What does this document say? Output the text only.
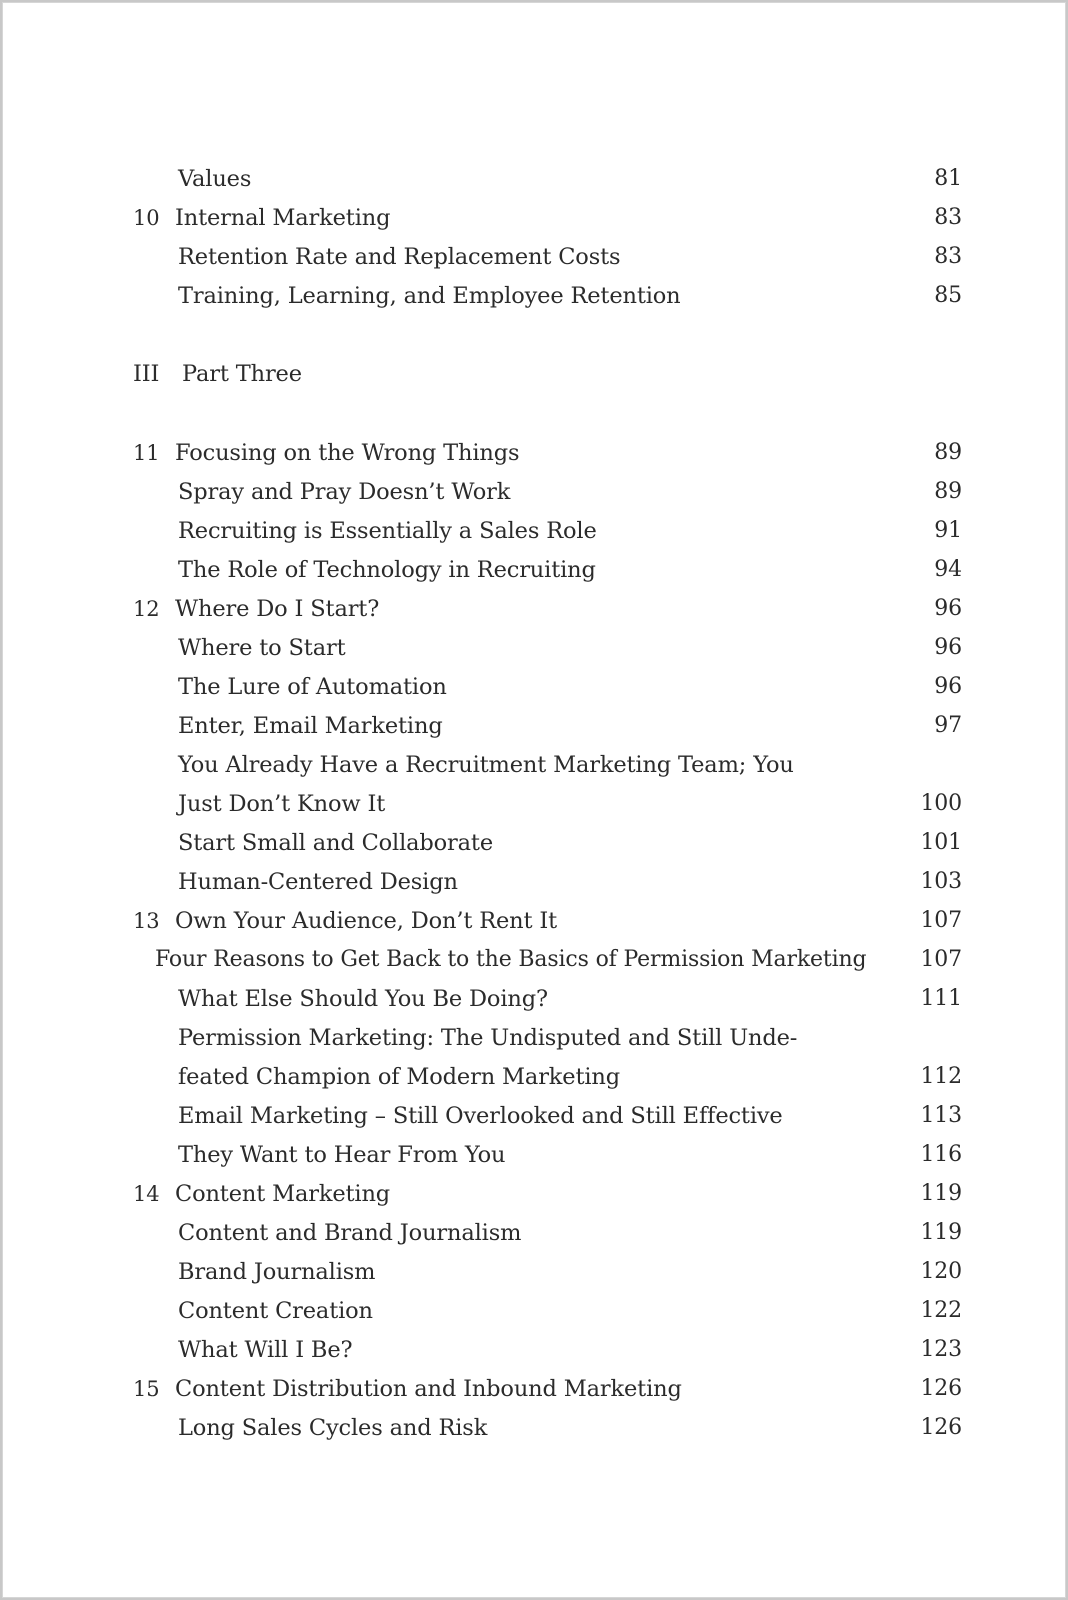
Values	81
10 Internal Marketing	83
Retention Rate and Replacement Costs	83
Training, Learning, and Employee Retention	85
III Part Three
11 Focusing on the Wrong Things	89
Spray and Pray Doesn’t Work	89
Recruiting is Essentially a Sales Role	91
The Role of Technology in Recruiting	94
12 Where Do I Start?	96
Where to Start	96
The Lure of Automation	96
Enter, Email Marketing	97
You Already Have a Recruitment Marketing Team; You
Just Don’t Know It	100
Start Small and Collaborate	101
Human-Centered Design	103
13 Own Your Audience, Don’t Rent It	107
Four Reasons to Get Back to the Basics of Permission Marketing	107
What Else Should You Be Doing?	111
Permission Marketing: The Undisputed and Still Unde-
feated Champion of Modern Marketing	112
Email Marketing – Still Overlooked and Still Effective	113
They Want to Hear From You	116
14 Content Marketing	119
Content and Brand Journalism	119
Brand Journalism	120
Content Creation	122
What Will I Be?	123
15 Content Distribution and Inbound Marketing	126
Long Sales Cycles and Risk	126
